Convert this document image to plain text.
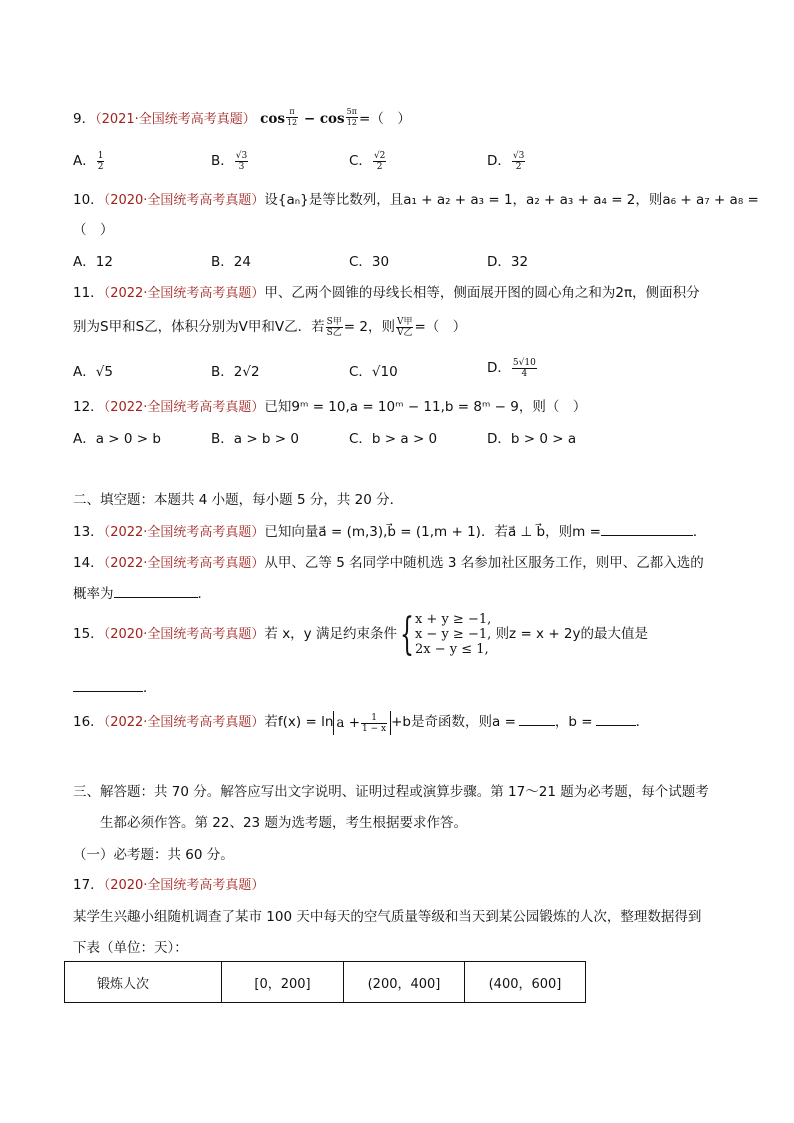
9．（2021·全国统考高考真题） $\cos \frac{\pi}{12} - \cos \frac{5\pi}{12}$ =（　）
A． $\frac{1}{2}$	B． $\frac{√3}{3}$	C． $\frac{√2}{2}$	D． $\frac{√3}{2}$
10．（2020·全国统考高考真题）设{aₙ}是等比数列，且a₁ + a₂ + a₃ = 1，a₂ + a₃ + a₄ = 2，则a₆ + a₇ + a₈ =
（　）
A．12	B．24	C．30	D．32
11．（2022·全国统考高考真题）甲、乙两个圆锥的母线长相等，侧面展开图的圆心角之和为2π，侧面积分
别为S甲和S乙，体积分别为V甲和V乙．若 $\frac{\text{S甲}}{\text{S乙}} = 2$，则 $\frac{\text{V甲}}{\text{V乙}}$ =（　）
A．√5	B．2√2	C．√10	D． $\frac{5√10}{4}$
12．（2022·全国统考高考真题）已知9ᵐ = 10,a = 10ᵐ − 11,b = 8ᵐ − 9，则（　）
A．a > 0 > b	B．a > b > 0	C．b > a > 0	D．b > 0 > a
二、填空题：本题共 4 小题，每小题 5 分，共 20 分．
13．（2022·全国统考高考真题）已知向量a⃗ = (m,3),b⃗ = (1,m + 1)．若a⃗ ⊥ b⃗，则m =	．
14．（2022·全国统考高考真题）从甲、乙等 5 名同学中随机选 3 名参加社区服务工作，则甲、乙都入选的
概率为	．
15．（2020·全国统考高考真题）若 x，y 满足约束条件{ x + y ≥ −1,
x − y ≥ −1,
2x − y ≤ 1,
则z = x + 2y的最大值是
．
16．（2022·全国统考高考真题）若$f(x) = \ln a + \frac{1}{1 - x} +b$是奇函数，则a =	，b =	．
三、解答题：共 70 分。解答应写出文字说明、证明过程或演算步骤。第 17～21 题为必考题，每个试题考
生都必须作答。第 22、23 题为选考题，考生根据要求作答。
（一）必考题：共 60 分。
17．（2020·全国统考高考真题）
某学生兴趣小组随机调查了某市 100 天中每天的空气质量等级和当天到某公园锻炼的人次，整理数据得到
下表（单位：天）：
锻炼人次	[0，200]	(200，400]	(400，600]
